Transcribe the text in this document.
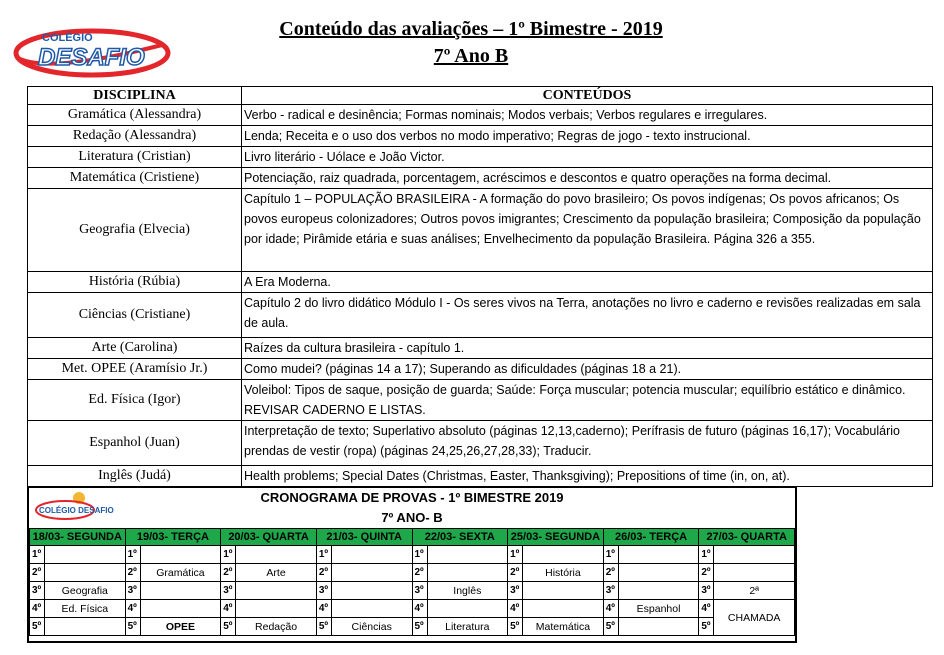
COLÉGIO
DESAFIO
Conteúdo das avaliações – 1º Bimestre - 2019
7º Ano B
DISCIPLINA	CONTEÚDOS
Gramática (Alessandra)	Verbo - radical e desinência; Formas nominais; Modos verbais; Verbos regulares e irregulares.
Redação (Alessandra)	Lenda; Receita e o uso dos verbos no modo imperativo; Regras de jogo - texto instrucional.
Literatura (Cristian)	Livro literário - Uólace e João Victor.
Matemática (Cristiene)	Potenciação, raiz quadrada, porcentagem, acréscimos e descontos e quatro operações na forma decimal.
Geografia (Elvecia)	Capítulo 1 – POPULAÇÃO BRASILEIRA - A formação do povo brasileiro; Os povos indígenas; Os povos africanos; Os povos europeus colonizadores; Outros povos imigrantes; Crescimento da população brasileira; Composição da população por idade; Pirâmide etária e suas análises; Envelhecimento da população Brasileira. Página 326 a 355.
História (Rúbia)	A Era Moderna.
Ciências (Cristiane)	Capítulo 2 do livro didático Módulo I - Os seres vivos na Terra, anotações no livro e caderno e revisões realizadas em sala de aula.
Arte (Carolina)	Raízes da cultura brasileira - capítulo 1.
Met. OPEE (Aramísio Jr.)	Como mudei? (páginas 14 a 17); Superando as dificuldades (páginas 18 a 21).
Ed. Física (Igor)	Voleibol: Tipos de saque, posição de guarda; Saúde: Força muscular; potencia muscular; equilíbrio estático e dinâmico. REVISAR CADERNO E LISTAS.
Espanhol (Juan)	Interpretação de texto; Superlativo absoluto (páginas 12,13,caderno); Perífrasis de futuro (páginas 16,17); Vocabulário prendas de vestir (ropa) (páginas 24,25,26,27,28,33); Traducir.
Inglês (Judá)	Health problems; Special Dates (Christmas, Easter, Thanksgiving); Prepositions of time (in, on, at).
COLÉGIO DESAFIO
CRONOGRAMA DE PROVAS - 1º BIMESTRE 2019
7º ANO- B
18/03- SEGUNDA		19/03- TERÇA		20/03- QUARTA		21/03- QUINTA		22/03- SEXTA		25/03- SEGUNDA		26/03- TERÇA		27/03- QUARTA	
1º		1º		1º		1º		1º		1º		1º		1º	
2º		2º	Gramática	2º	Arte	2º		2º		2º	História	2º		2º	
3º	Geografia	3º		3º		3º		3º	Inglês	3º		3º		3º	2ª
4º	Ed. Física	4º		4º		4º		4º		4º		4º	Espanhol	4º	CHAMADA
5º		5º	OPEE	5º	Redação	5º	Ciências	5º	Literatura	5º	Matemática	5º		5º	
